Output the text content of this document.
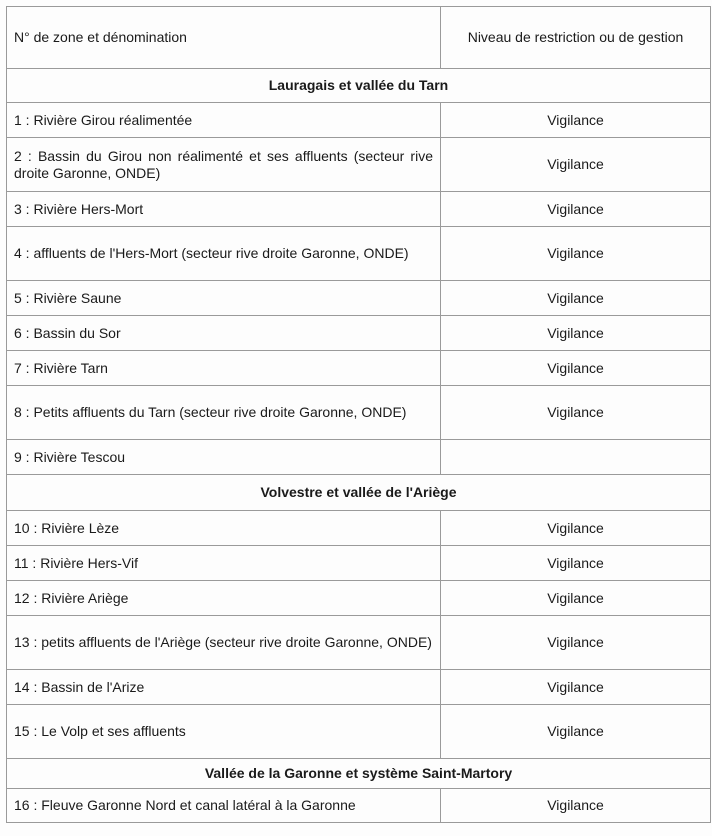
N° de zone et dénomination	Niveau de restriction ou de gestion
Lauragais et vallée du Tarn	
1 : Rivière Girou réalimentée	Vigilance
2 : Bassin du Girou non réalimenté et ses affluents (secteur rive droite Garonne, ONDE)	Vigilance
3 : Rivière Hers-Mort	Vigilance
4 : affluents de l'Hers-Mort (secteur rive droite Garonne, ONDE)	Vigilance
5 : Rivière Saune	Vigilance
6 : Bassin du Sor	Vigilance
7 : Rivière Tarn	Vigilance
8 : Petits affluents du Tarn (secteur rive droite Garonne, ONDE)	Vigilance
9 : Rivière Tescou	
Volvestre et vallée de l'Ariège	
10 : Rivière Lèze	Vigilance
11 : Rivière Hers-Vif	Vigilance
12 : Rivière Ariège	Vigilance
13 : petits affluents de l'Ariège (secteur rive droite Garonne, ONDE)	Vigilance
14 : Bassin de l'Arize	Vigilance
15 : Le Volp et ses affluents	Vigilance
Vallée de la Garonne et système Saint-Martory	
16 : Fleuve Garonne Nord et canal latéral à la Garonne	Vigilance
